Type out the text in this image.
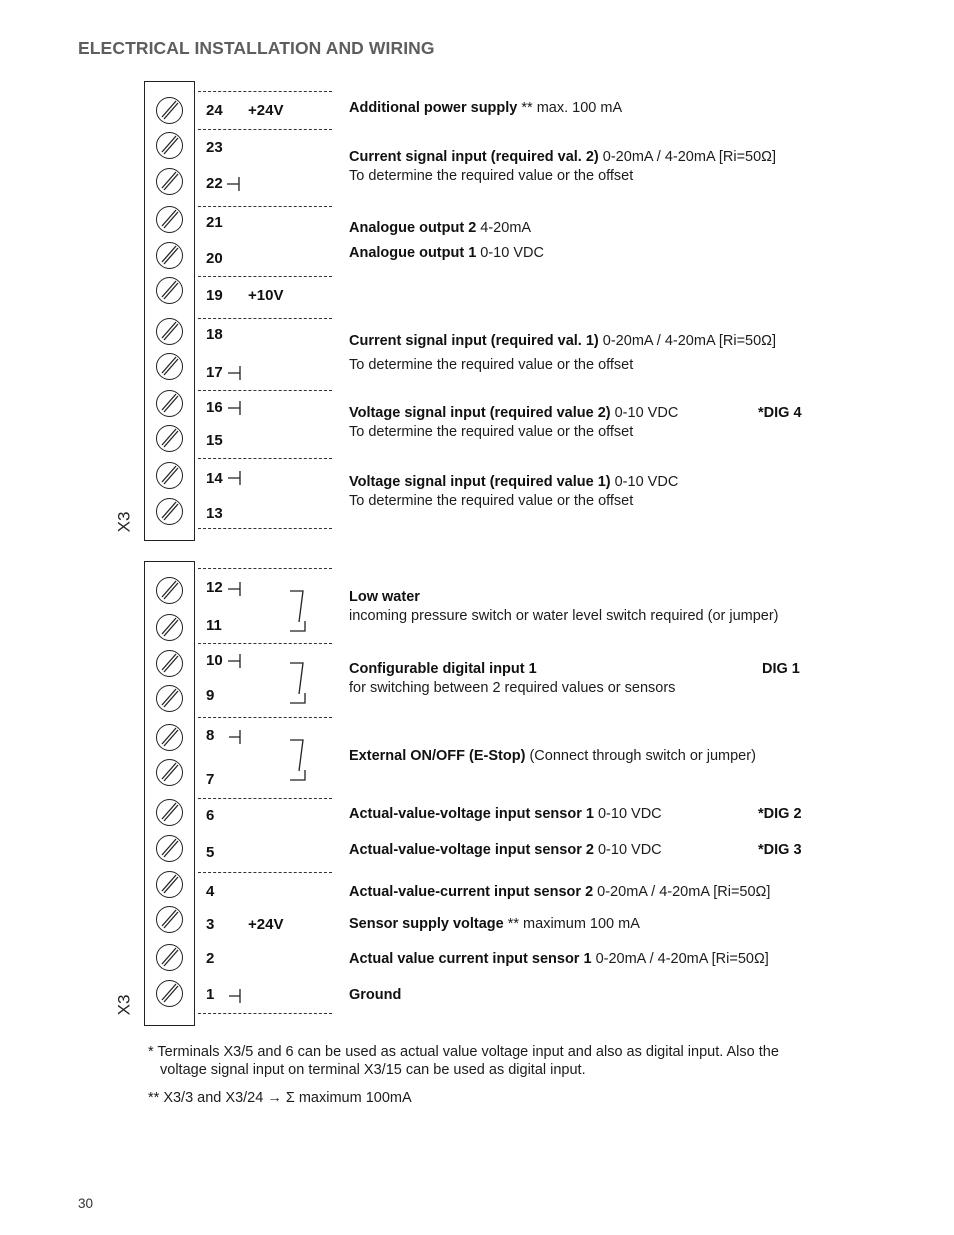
ELECTRICAL INSTALLATION AND WIRING
X3
X3
24 +24V
23
22
21
20
19 +10V
18
17
16
15
14
13
12
11
10
9
8
7
6
5
4
3 +24V
2
1
Additional power supply ** max. 100 mA
Current signal input (required val. 2) 0-20mA / 4-20mA [Ri=50Ω]
To determine the required value or the offset
Analogue output 2 4-20mA
Analogue output 1 0-10 VDC
Current signal input (required val. 1) 0-20mA / 4-20mA [Ri=50Ω]
To determine the required value or the offset
Voltage signal input (required value 2) 0-10 VDC
To determine the required value or the offset
*DIG 4
Voltage signal input (required value 1) 0-10 VDC
To determine the required value or the offset
Low water
incoming pressure switch or water level switch required (or jumper)
Configurable digital input 1
for switching between 2 required values or sensors
DIG 1
External ON/OFF (E-Stop) (Connect through switch or jumper)
Actual-value-voltage input sensor 1 0-10 VDC	*DIG 2
Actual-value-voltage input sensor 2 0-10 VDC	*DIG 3
Actual-value-current input sensor 2 0-20mA / 4-20mA [Ri=50Ω]
Sensor supply voltage ** maximum 100 mA
Actual value current input sensor 1 0-20mA / 4-20mA [Ri=50Ω]
Ground
* Terminals X3/5 and 6 can be used as actual value voltage input and also as digital input. Also the
voltage signal input on terminal X3/15 can be used as digital input.
** X3/3 and X3/24 → Σ maximum 100mA
30
